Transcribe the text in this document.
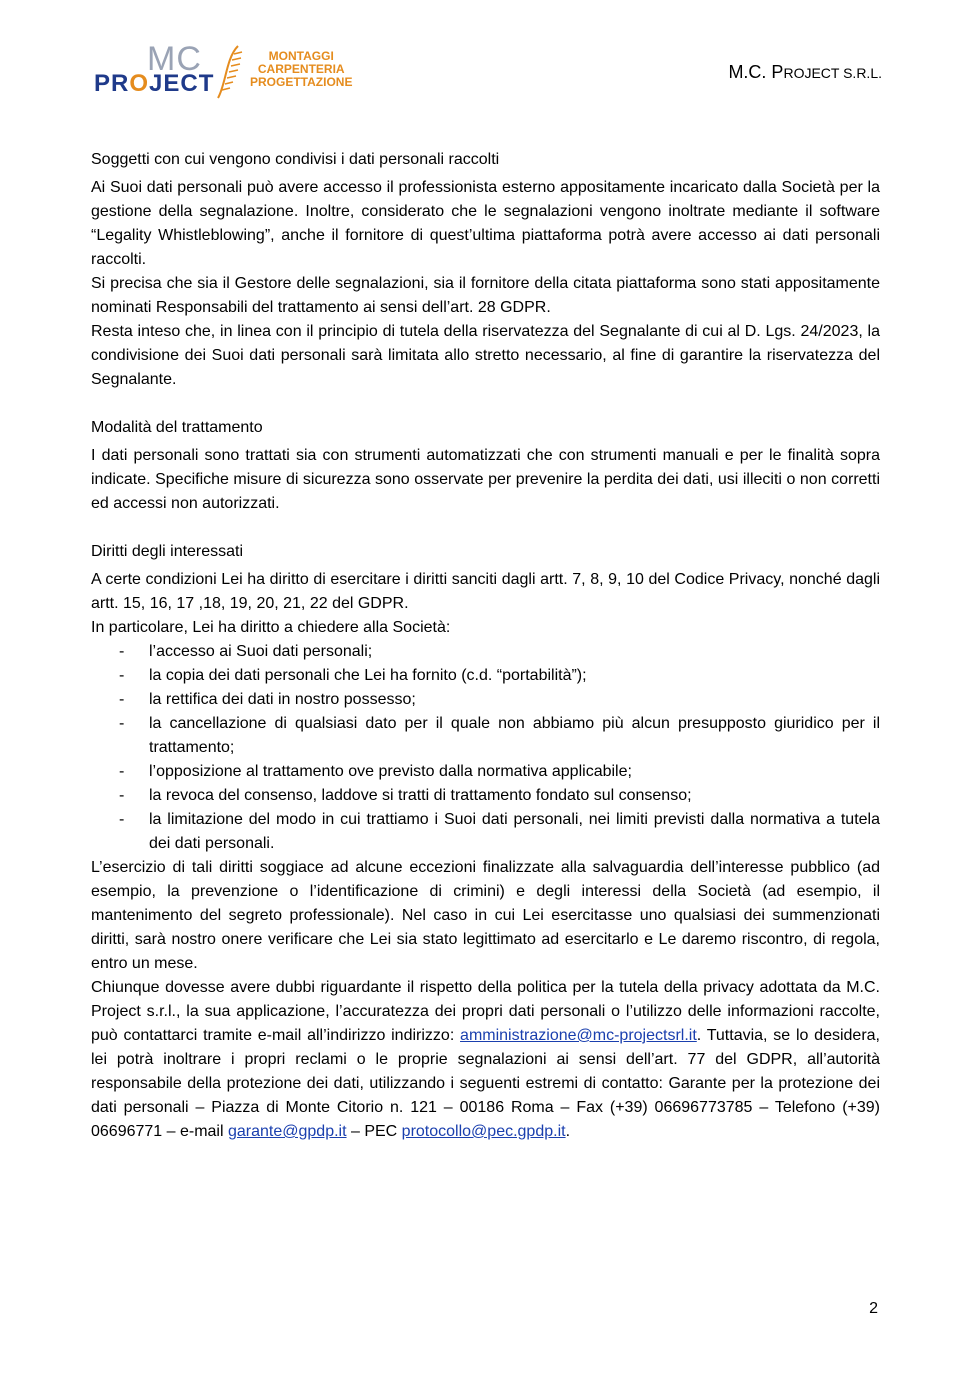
MC
PROJECT
MONTAGGI
CARPENTERIA
PROGETTAZIONE	M.C. PROJECT S.R.L.
Soggetti con cui vengono condivisi i dati personali raccolti

Ai Suoi dati personali può avere accesso il professionista esterno appositamente incaricato dalla Società per la gestione della segnalazione. Inoltre, considerato che le segnalazioni vengono inoltrate mediante il software “Legality Whistleblowing”, anche il fornitore di quest’ultima piattaforma potrà avere accesso ai dati personali raccolti.

Si precisa che sia il Gestore delle segnalazioni, sia il fornitore della citata piattaforma sono stati appositamente nominati Responsabili del trattamento ai sensi dell’art. 28 GDPR.

Resta inteso che, in linea con il principio di tutela della riservatezza del Segnalante di cui al D. Lgs. 24/2023, la condivisione dei Suoi dati personali sarà limitata allo stretto necessario, al fine di garantire la riservatezza del Segnalante.

Modalità del trattamento

I dati personali sono trattati sia con strumenti automatizzati che con strumenti manuali e per le finalità sopra indicate. Specifiche misure di sicurezza sono osservate per prevenire la perdita dei dati, usi illeciti o non corretti ed accessi non autorizzati.

Diritti degli interessati

A certe condizioni Lei ha diritto di esercitare i diritti sanciti dagli artt. 7, 8, 9, 10 del Codice Privacy, nonché dagli artt. 15, 16, 17 ,18, 19, 20, 21, 22 del GDPR.

In particolare, Lei ha diritto a chiedere alla Società:

- l’accesso ai Suoi dati personali;
- la copia dei dati personali che Lei ha fornito (c.d. “portabilità”);
- la rettifica dei dati in nostro possesso;
- la cancellazione di qualsiasi dato per il quale non abbiamo più alcun presupposto giuridico per il trattamento;
- l’opposizione al trattamento ove previsto dalla normativa applicabile;
- la revoca del consenso, laddove si tratti di trattamento fondato sul consenso;
- la limitazione del modo in cui trattiamo i Suoi dati personali, nei limiti previsti dalla normativa a tutela dei dati personali.

L’esercizio di tali diritti soggiace ad alcune eccezioni finalizzate alla salvaguardia dell’interesse pubblico (ad esempio, la prevenzione o l’identificazione di crimini) e degli interessi della Società (ad esempio, il mantenimento del segreto professionale). Nel caso in cui Lei esercitasse uno qualsiasi dei summenzionati diritti, sarà nostro onere verificare che Lei sia stato legittimato ad esercitarlo e Le daremo riscontro, di regola, entro un mese.

Chiunque dovesse avere dubbi riguardante il rispetto della politica per la tutela della privacy adottata da M.C. Project s.r.l., la sua applicazione, l’accuratezza dei propri dati personali o l’utilizzo delle informazioni raccolte, può contattarci tramite e-mail all’indirizzo indirizzo: amministrazione@mc-projectsrl.it. Tuttavia, se lo desidera, lei potrà inoltrare i propri reclami o le proprie segnalazioni ai sensi dell’art. 77 del GDPR, all’autorità responsabile della protezione dei dati, utilizzando i seguenti estremi di contatto: Garante per la protezione dei dati personali – Piazza di Monte Citorio n. 121 – 00186 Roma – Fax (+39) 06696773785 – Telefono (+39) 06696771 – e-mail garante@gpdp.it – PEC protocollo@pec.gpdp.it.

2
